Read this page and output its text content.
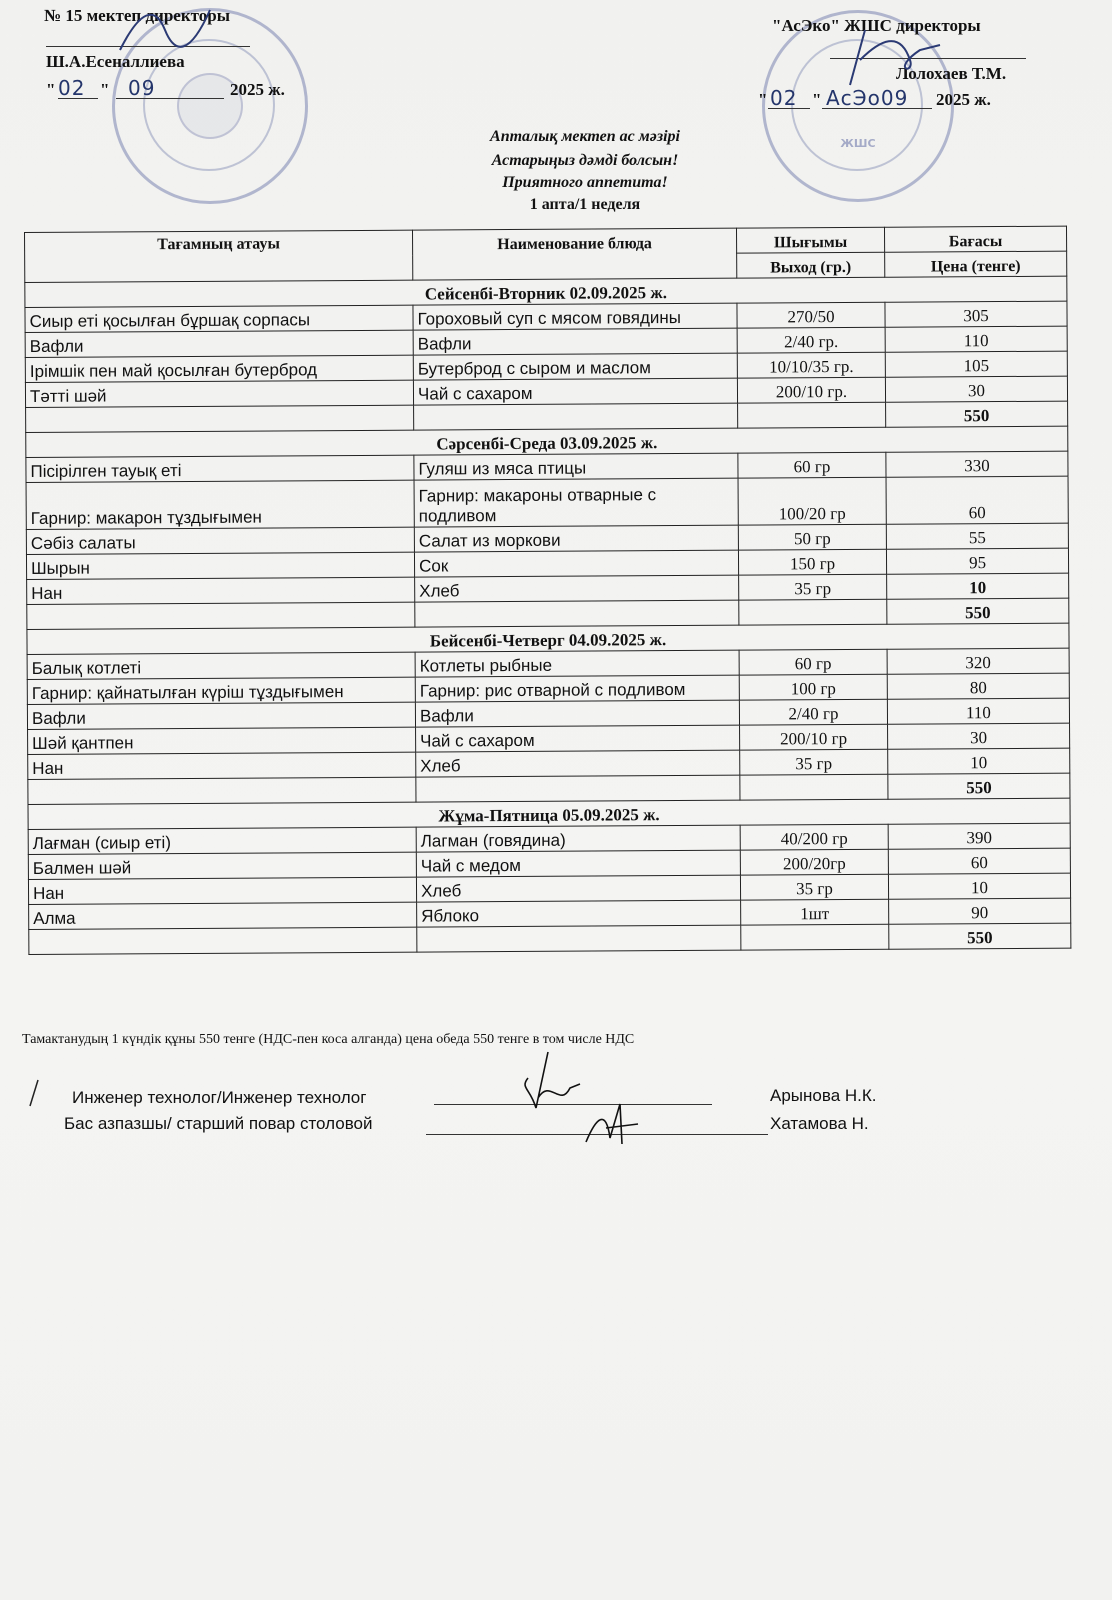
ЖШС
№ 15 мектеп директоры
Ш.А.Есеналлиева
" 02 " 09	2025 ж.
"АсЭко" ЖШС директоры
Лолохаев Т.М.
" 02 " АсЭо09 2025 ж.
Апталық мектеп ас мәзірі
Астарыңыз дәмді болсын!
Приятного аппетита!
1 апта/1 неделя
Тағамның атауы	Наименование блюда	Шығымы	Бағасы
		Выход (гр.)	Цена (тенге)
Сейсенбі-Вторник 02.09.2025 ж.			
Сиыр еті қосылған бұршақ сорпасы	Гороховый суп с мясом говядины	270/50	305
Вафли	Вафли	2/40 гр.	110
Ірімшік пен май қосылған бутерброд	Бутерброд с сыром и маслом	10/10/35 гр.	105
Тәтті шәй	Чай с сахаром	200/10 гр.	30
			550
Сәрсенбі-Среда 03.09.2025 ж.			
Пісірілген тауық еті	Гуляш из мяса птицы	60 гр	330
Гарнир: макарон тұздығымен	Гарнир: макароны отварные с подливом	100/20 гр	60
Сәбіз салаты	Салат из моркови	50 гр	55
Шырын	Сок	150 гр	95
Нан	Хлеб	35 гр	10
			550
Бейсенбі-Четверг 04.09.2025 ж.			
Балық котлеті	Котлеты рыбные	60 гр	320
Гарнир: қайнатылған күріш тұздығымен	Гарнир: рис отварной с подливом	100 гр	80
Вафли	Вафли	2/40 гр	110
Шәй қантпен	Чай с сахаром	200/10 гр	30
Нан	Хлеб	35 гр	10
			550
Жұма-Пятница 05.09.2025 ж.			
Лағман (сиыр еті)	Лагман (говядина)	40/200 гр	390
Балмен шәй	Чай с медом	200/20гр	60
Нан	Хлеб	35 гр	10
Алма	Яблоко	1шт	90
			550
Тамактанудың 1 күндік құны 550 тенге (НДС-пен коса алганда) цена обеда 550 тенге в том числе НДС
Инженер технолог/Инженер технолог	Арынова Н.К.
Бас азпазшы/ старший повар столовой	Хатамова Н.
